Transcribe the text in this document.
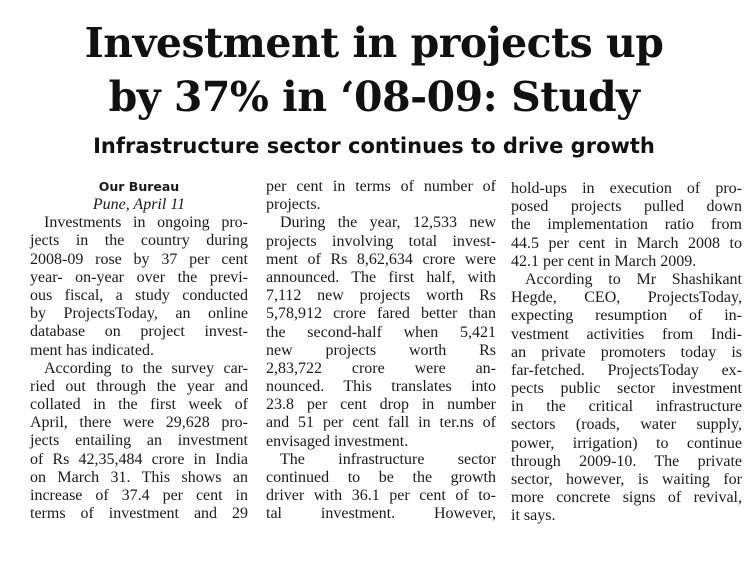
Investment in projects up
by 37% in ‘08-09: Study
Infrastructure sector continues to drive growth
Our Bureau
Pune, April 11
Investments in ongoing pro-
jects in the country during
2008-09 rose by 37 per cent
year- on-year over the previ-
ous fiscal, a study conducted
by ProjectsToday, an online
database on project invest-
ment has indicated.
According to the survey car-
ried out through the year and
collated in the first week of
April, there were 29,628 pro-
jects entailing an investment
of Rs 42,35,484 crore in India
on March 31. This shows an
increase of 37.4 per cent in
terms of investment and 29
per cent in terms of number of
projects.
During the year, 12,533 new
projects involving total invest-
ment of Rs 8,62,634 crore were
announced. The first half, with
7,112 new projects worth Rs
5,78,912 crore fared better than
the second-half when 5,421
new projects worth Rs
2,83,722 crore were an-
nounced. This translates into
23.8 per cent drop in number
and 51 per cent fall in ter.ns of
envisaged investment.
The infrastructure sector
continued to be the growth
driver with 36.1 per cent of to-
tal investment. However,
hold-ups in execution of pro-
posed projects pulled down
the implementation ratio from
44.5 per cent in March 2008 to
42.1 per cent in March 2009.
According to Mr Shashikant
Hegde, CEO, ProjectsToday,
expecting resumption of in-
vestment activities from Indi-
an private promoters today is
far-fetched. ProjectsToday ex-
pects public sector investment
in the critical infrastructure
sectors (roads, water supply,
power, irrigation) to continue
through 2009-10. The private
sector, however, is waiting for
more concrete signs of revival,
it says.
